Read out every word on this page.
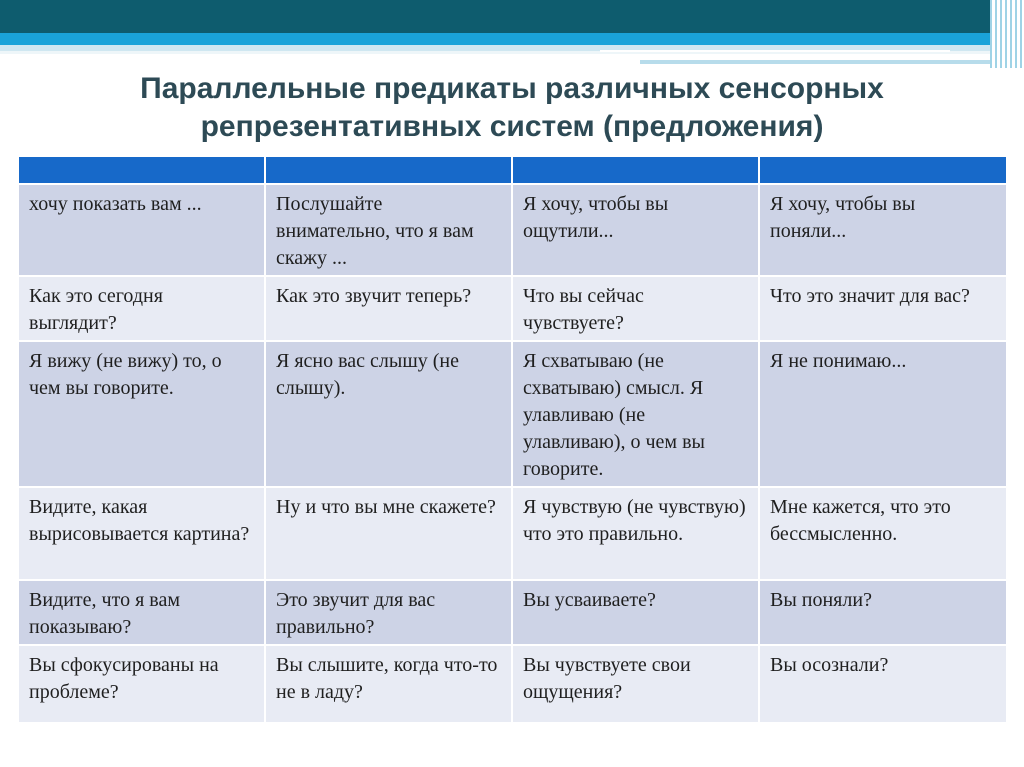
Параллельные предикаты различных сенсорных репрезентативных систем (предложения)

хочу показать вам ...	Послушайте внимательно, что я вам скажу ...	Я хочу, чтобы вы ощутили...	Я хочу, чтобы вы поняли...
Как это сегодня выглядит?	Как это звучит теперь?	Что вы сейчас чувствуете?	Что это значит для вас?
Я вижу (не вижу) то, о чем вы говорите.	Я ясно вас слышу (не слышу).	Я схватываю (не схватываю) смысл. Я улавливаю (не улавливаю), о чем вы говорите.	Я не понимаю...
Видите, какая вырисовывается картина?	Ну и что вы мне скажете?	Я чувствую (не чувствую) что это правильно.	Мне кажется, что это бессмысленно.
Видите, что я вам показываю?	Это звучит для вас правильно?	Вы усваиваете?	Вы поняли?
Вы сфокусированы на проблеме?	Вы слышите, когда что-то не в ладу?	Вы чувствуете свои ощущения?	Вы осознали?
